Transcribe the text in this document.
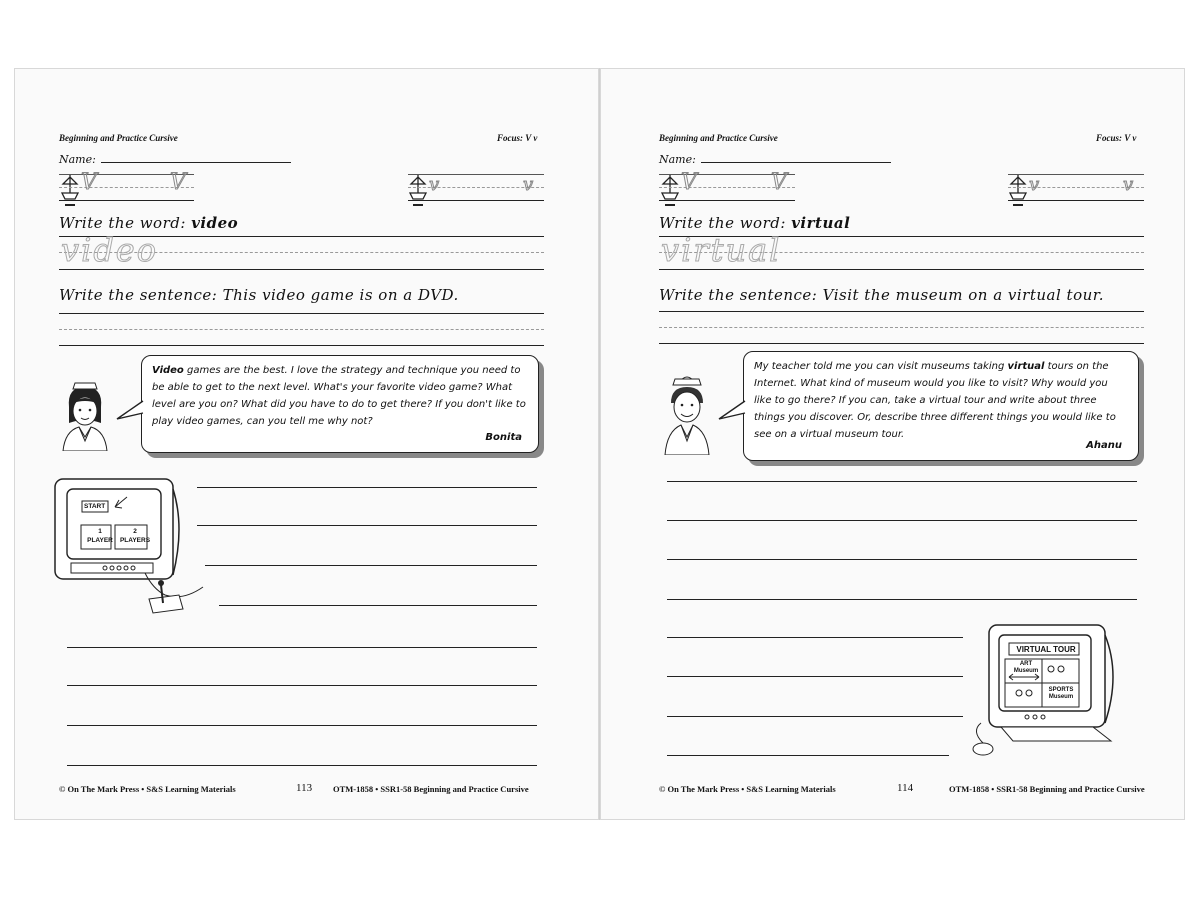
Beginning and Practice Cursive	Focus: V v
Name:
V	V	v	v
Write the word: video
video
Write the sentence: This video game is on a DVD.
Video games are the best. I love the strategy and technique you need to be able to get to the next level. What's your favorite video game? What level are you on? What did you have to do to get there? If you don't like to play video games, can you tell me why not?
Bonita
START
1
PLAYER
2
PLAYERS
© On The Mark Press • S&S Learning Materials	113 OTM-1858 • SSR1-58 Beginning and Practice Cursive
Beginning and Practice Cursive	Focus: V v
Name:
V	V	v	v
Write the word: virtual
virtual
Write the sentence: Visit the museum on a virtual tour.
My teacher told me you can visit museums taking virtual tours on the Internet. What kind of museum would you like to visit? Why would you like to go there? If you can, take a virtual tour and write about three things you discover. Or, describe three different things you would like to see on a virtual museum tour.
Ahanu
VIRTUAL TOUR
ART Museum
SPORTS Museum
© On The Mark Press • S&S Learning Materials	114	OTM-1858 • SSR1-58 Beginning and Practice Cursive
